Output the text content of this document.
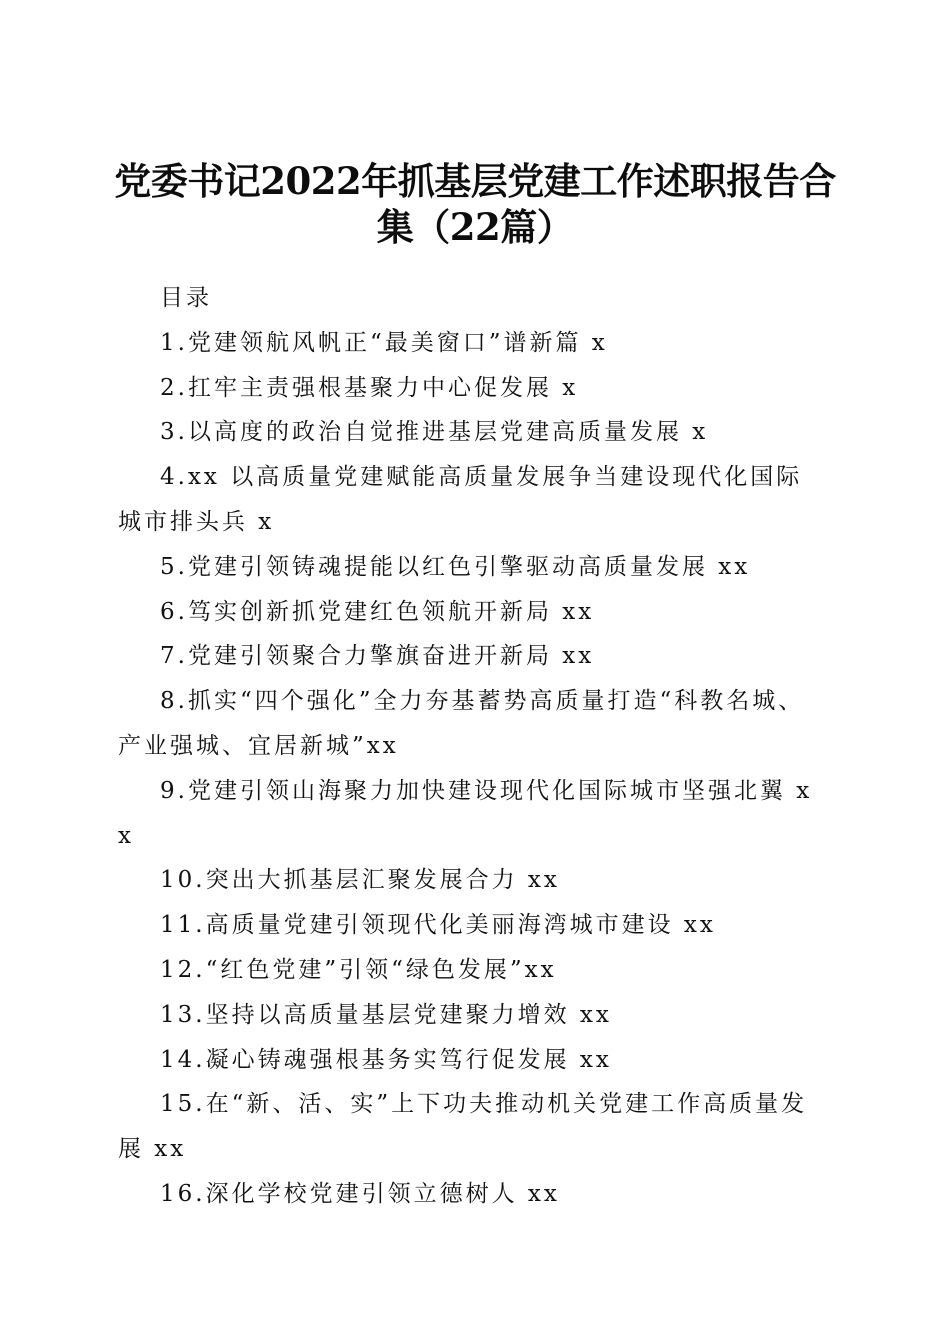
党委书记2022年抓基层党建工作述职报告合
集（22篇）

目录

1.党建领航风帆正“最美窗口”谱新篇 x

2.扛牢主责强根基聚力中心促发展 x

3.以高度的政治自觉推进基层党建高质量发展 x

4.xx 以高质量党建赋能高质量发展争当建设现代化国际城市排头兵 x

5.党建引领铸魂提能以红色引擎驱动高质量发展 xx

6.笃实创新抓党建红色领航开新局 xx

7.党建引领聚合力擎旗奋进开新局 xx

8.抓实“四个强化”全力夯基蓄势高质量打造“科教名城、产业强城、宜居新城”xx

9.党建引领山海聚力加快建设现代化国际城市坚强北翼 xx

10.突出大抓基层汇聚发展合力 xx

11.高质量党建引领现代化美丽海湾城市建设 xx

12.“红色党建”引领“绿色发展”xx

13.坚持以高质量基层党建聚力增效 xx

14.凝心铸魂强根基务实笃行促发展 xx

15.在“新、活、实”上下功夫推动机关党建工作高质量发展 xx

16.深化学校党建引领立德树人 xx
